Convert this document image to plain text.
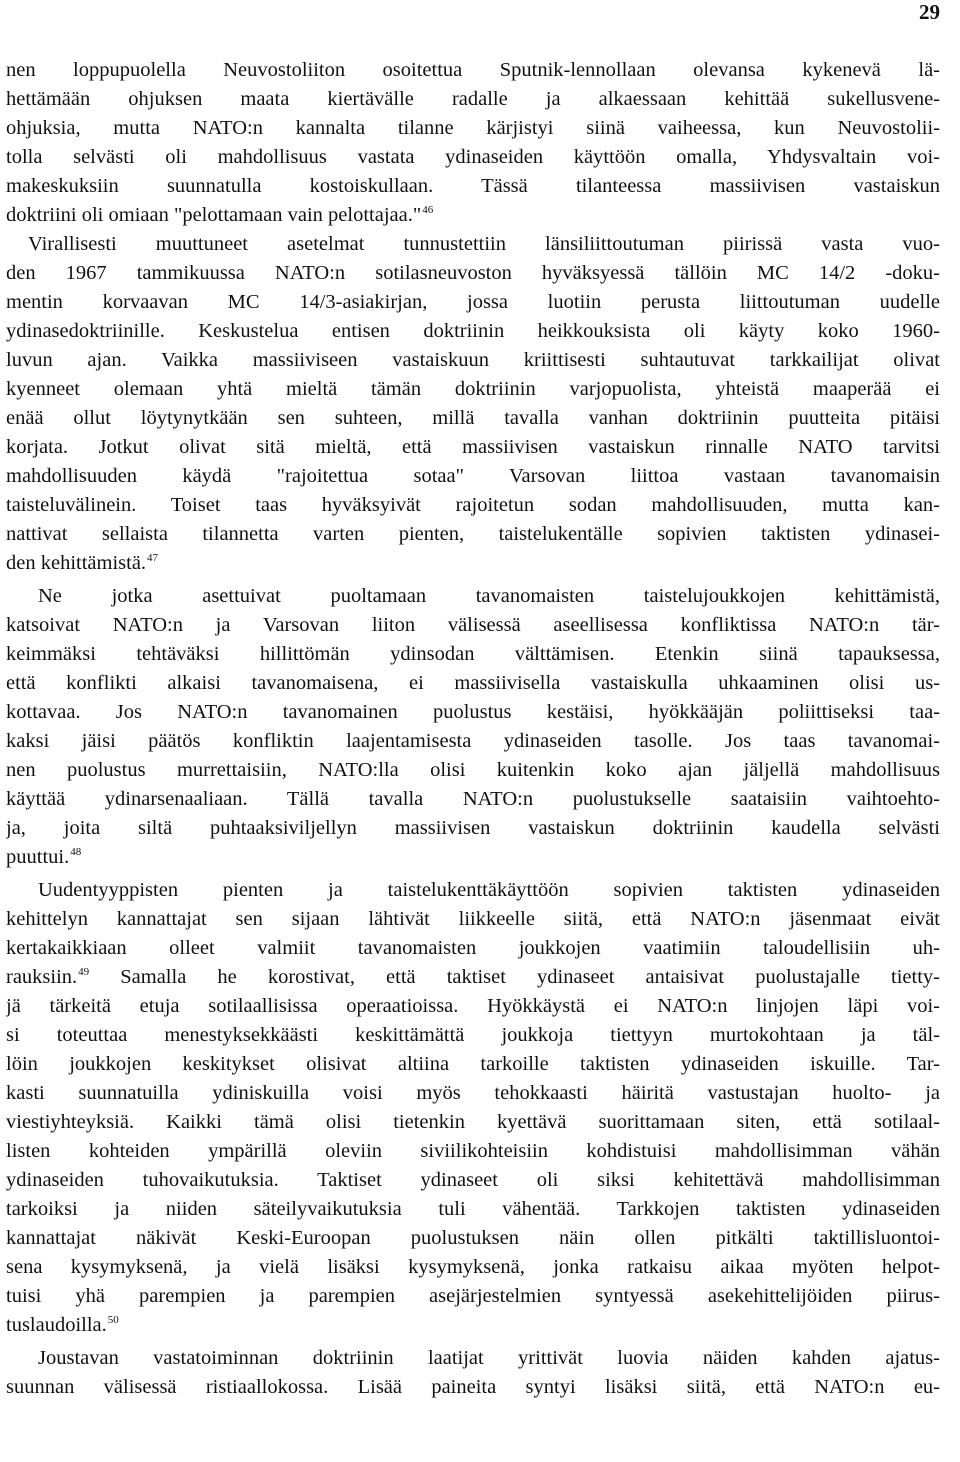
29
nen loppupuolella Neuvostoliiton osoitettua Sputnik-lennollaan olevansa kykenevä lä-
hettämään ohjuksen maata kiertävälle radalle ja alkaessaan kehittää sukellusvene-
ohjuksia, mutta NATO:n kannalta tilanne kärjistyi siinä vaiheessa, kun Neuvostolii-
tolla selvästi oli mahdollisuus vastata ydinaseiden käyttöön omalla, Yhdysvaltain voi-
makeskuksiin suunnatulla kostoiskullaan. Tässä tilanteessa massiivisen vastaiskun
doktriini oli omiaan "pelottamaan vain pelottajaa."$^{46}$
Virallisesti muuttuneet asetelmat tunnustettiin länsiliittoutuman piirissä vasta vuo-
den 1967 tammikuussa NATO:n sotilasneuvoston hyväksyessä tällöin MC 14/2 -doku-
mentin korvaavan MC 14/3-asiakirjan, jossa luotiin perusta liittoutuman uudelle
ydinasedoktriinille. Keskustelua entisen doktriinin heikkouksista oli käyty koko 1960-
luvun ajan. Vaikka massiiviseen vastaiskuun kriittisesti suhtautuvat tarkkailijat olivat
kyenneet olemaan yhtä mieltä tämän doktriinin varjopuolista, yhteistä maaperää ei
enää ollut löytynytkään sen suhteen, millä tavalla vanhan doktriinin puutteita pitäisi
korjata. Jotkut olivat sitä mieltä, että massiivisen vastaiskun rinnalle NATO tarvitsi
mahdollisuuden käydä "rajoitettua sotaa" Varsovan liittoa vastaan tavanomaisin
taisteluvälinein. Toiset taas hyväksyivät rajoitetun sodan mahdollisuuden, mutta kan-
nattivat sellaista tilannetta varten pienten, taistelukentälle sopivien taktisten ydinasei-
den kehittämistä.$^{47}$
Ne jotka asettuivat puoltamaan tavanomaisten taistelujoukkojen kehittämistä,
katsoivat NATO:n ja Varsovan liiton välisessä aseellisessa konfliktissa NATO:n tär-
keimmäksi tehtäväksi hillittömän ydinsodan välttämisen. Etenkin siinä tapauksessa,
että konflikti alkaisi tavanomaisena, ei massiivisella vastaiskulla uhkaaminen olisi us-
kottavaa. Jos NATO:n tavanomainen puolustus kestäisi, hyökkääjän poliittiseksi taa-
kaksi jäisi päätös konfliktin laajentamisesta ydinaseiden tasolle. Jos taas tavanomai-
nen puolustus murrettaisiin, NATO:lla olisi kuitenkin koko ajan jäljellä mahdollisuus
käyttää ydinarsenaaliaan. Tällä tavalla NATO:n puolustukselle saataisiin vaihtoehto-
ja, joita siltä puhtaaksiviljellyn massiivisen vastaiskun doktriinin kaudella selvästi
puuttui.$^{48}$
Uudentyyppisten pienten ja taistelukenttäkäyttöön sopivien taktisten ydinaseiden
kehittelyn kannattajat sen sijaan lähtivät liikkeelle siitä, että NATO:n jäsenmaat eivät
kertakaikkiaan olleet valmiit tavanomaisten joukkojen vaatimiin taloudellisiin uh-
rauksiin.$^{49}$ Samalla he korostivat, että taktiset ydinaseet antaisivat puolustajalle tietty-
jä tärkeitä etuja sotilaallisissa operaatioissa. Hyökkäystä ei NATO:n linjojen läpi voi-
si toteuttaa menestyksekkäästi keskittämättä joukkoja tiettyyn murtokohtaan ja täl-
löin joukkojen keskitykset olisivat altiina tarkoille taktisten ydinaseiden iskuille. Tar-
kasti suunnatuilla ydiniskuilla voisi myös tehokkaasti häiritä vastustajan huolto- ja
viestiyhteyksiä. Kaikki tämä olisi tietenkin kyettävä suorittamaan siten, että sotilaal-
listen kohteiden ympärillä oleviin siviilikohteisiin kohdistuisi mahdollisimman vähän
ydinaseiden tuhovaikutuksia. Taktiset ydinaseet oli siksi kehitettävä mahdollisimman
tarkoiksi ja niiden säteilyvaikutuksia tuli vähentää. Tarkkojen taktisten ydinaseiden
kannattajat näkivät Keski-Euroopan puolustuksen näin ollen pitkälti taktillisluontoi-
sena kysymyksenä, ja vielä lisäksi kysymyksenä, jonka ratkaisu aikaa myöten helpot-
tuisi yhä parempien ja parempien asejärjestelmien syntyessä asekehittelijöiden piirus-
tuslaudoilla.$^{50}$
Joustavan vastatoiminnan doktriinin laatijat yrittivät luovia näiden kahden ajatus-
suunnan välisessä ristiaallokossa. Lisää paineita syntyi lisäksi siitä, että NATO:n eu-
